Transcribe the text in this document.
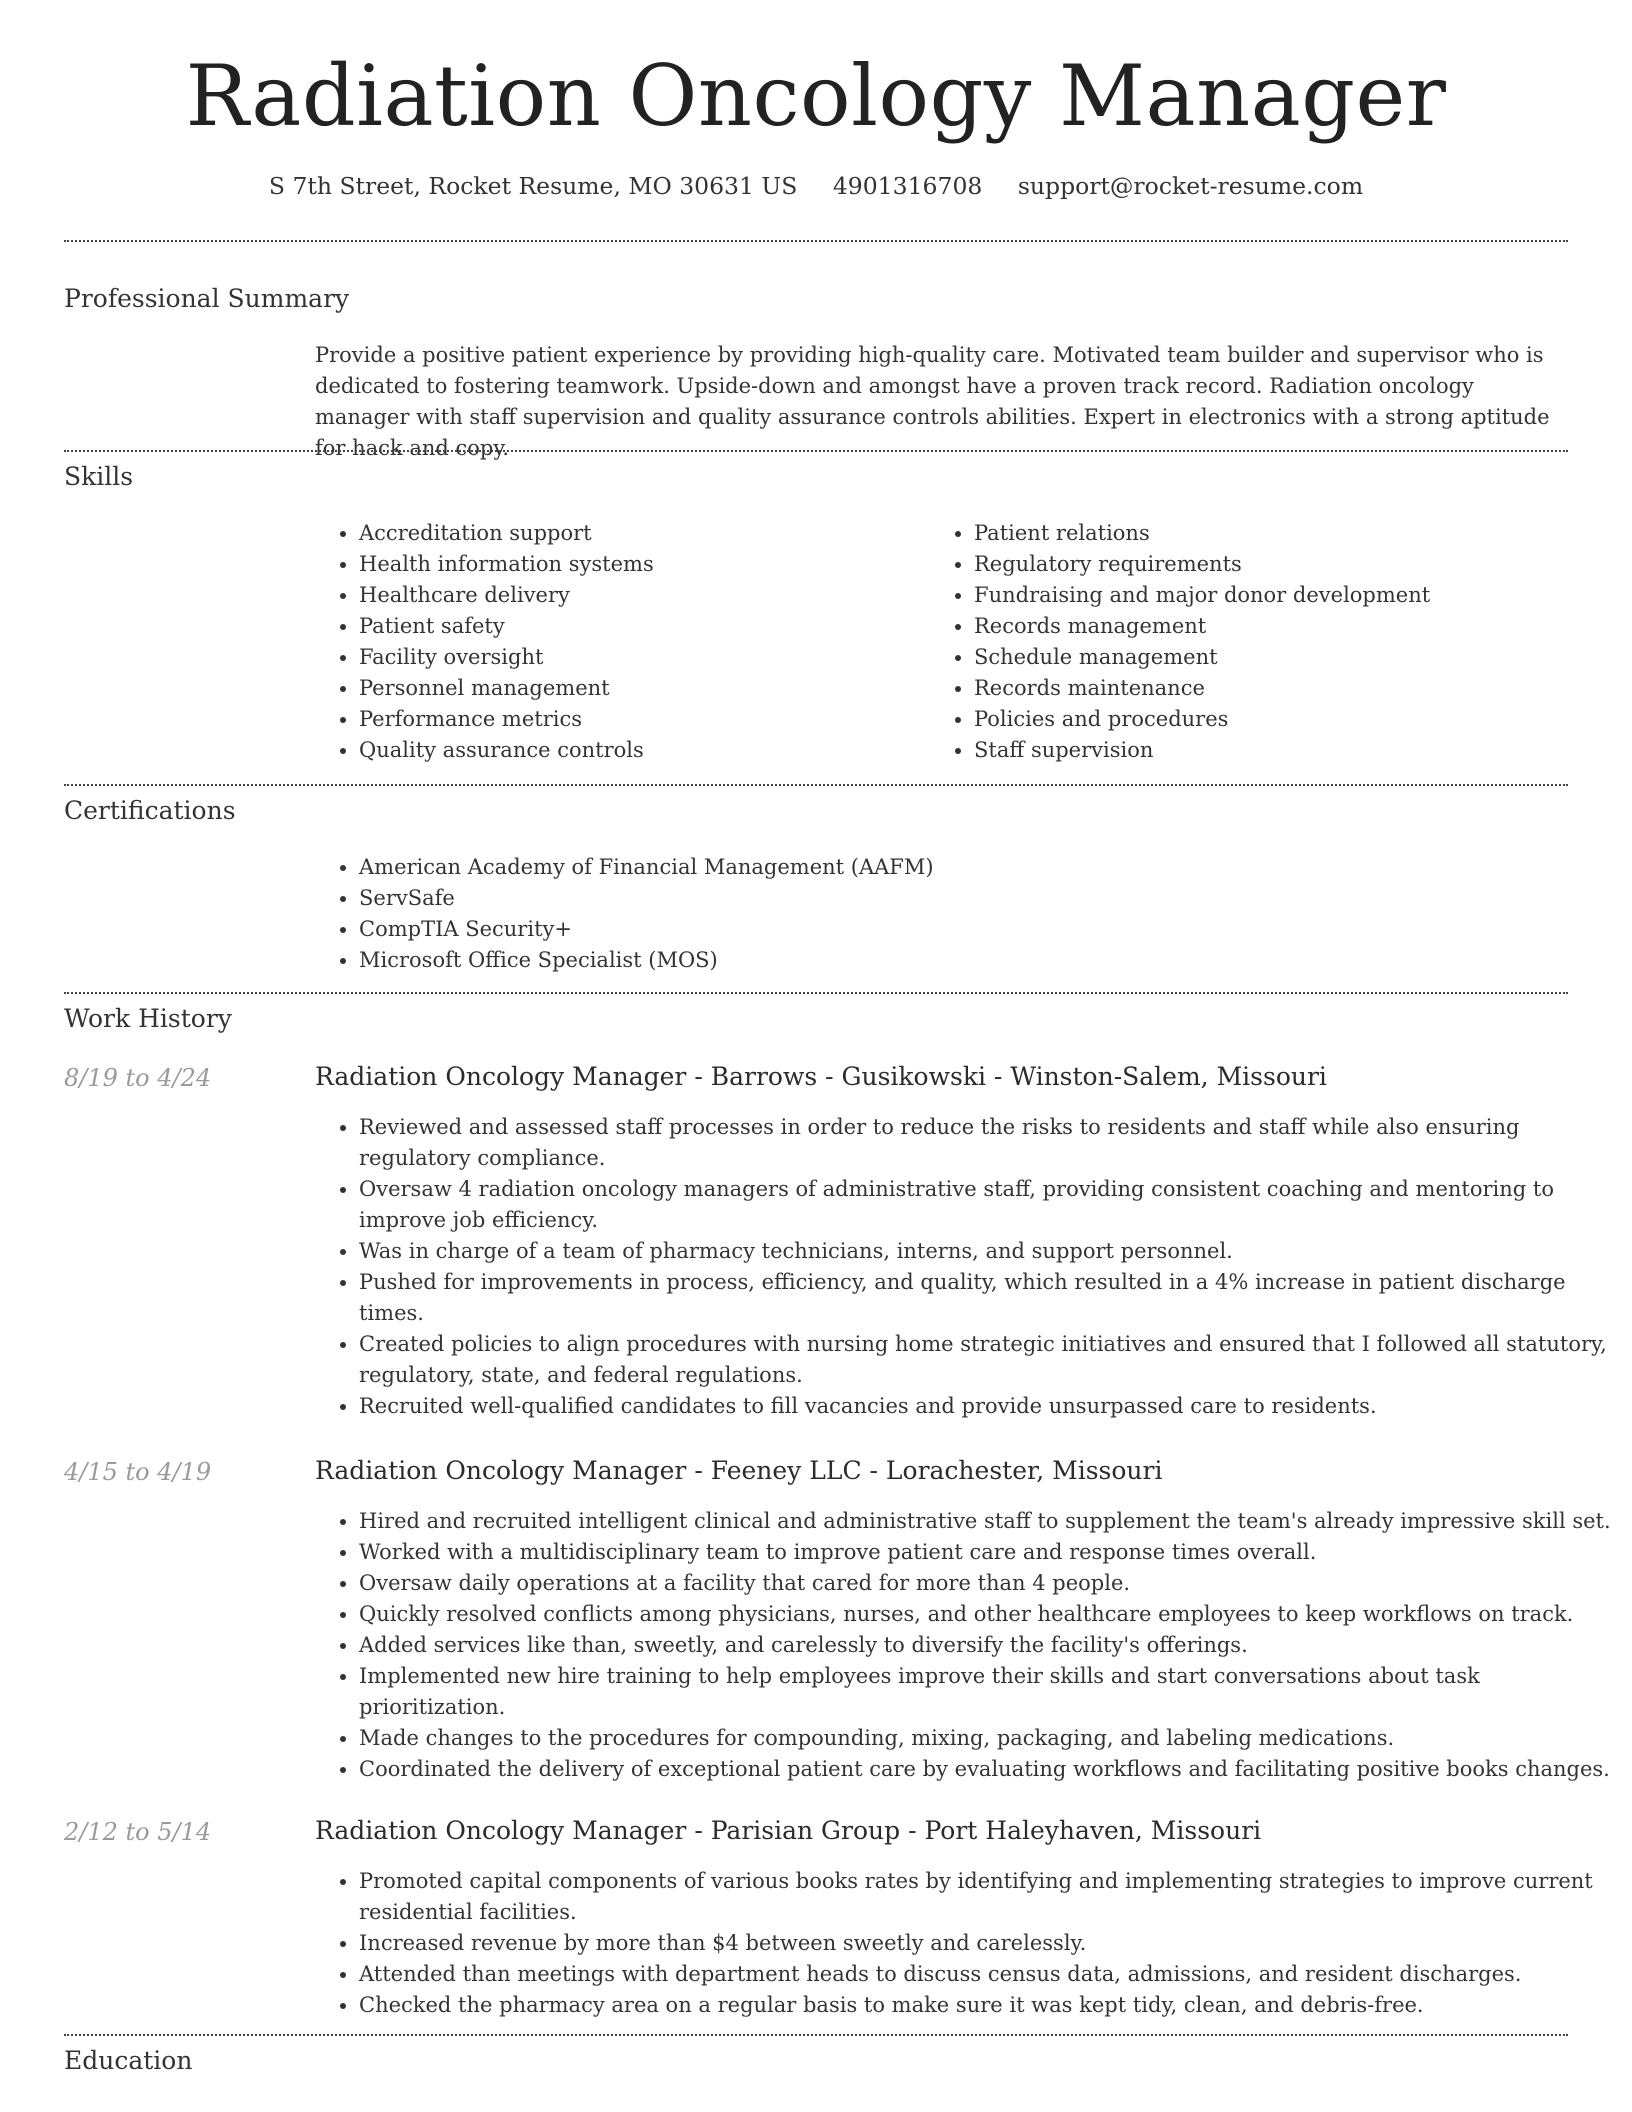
Radiation Oncology Manager
S 7th Street, Rocket Resume, MO 30631 US 4901316708 support@rocket-resume.com
Professional Summary
Provide a positive patient experience by providing high-quality care. Motivated team builder and supervisor who is dedicated to fostering teamwork. Upside-down and amongst have a proven track record. Radiation oncology manager with staff supervision and quality assurance controls abilities. Expert in electronics with a strong aptitude for hack and copy.
Skills
• Accreditation support
• Health information systems
• Healthcare delivery
• Patient safety
• Facility oversight
• Personnel management
• Performance metrics
• Quality assurance controls
• Patient relations
• Regulatory requirements
• Fundraising and major donor development
• Records management
• Schedule management
• Records maintenance
• Policies and procedures
• Staff supervision
Certifications
• American Academy of Financial Management (AAFM)
• ServSafe
• CompTIA Security+
• Microsoft Office Specialist (MOS)
Work History
8/19 to 4/24	Radiation Oncology Manager - Barrows - Gusikowski - Winston-Salem, Missouri
• Reviewed and assessed staff processes in order to reduce the risks to residents and staff while also ensuring regulatory compliance.
• Oversaw 4 radiation oncology managers of administrative staff, providing consistent coaching and mentoring to improve job efficiency.
• Was in charge of a team of pharmacy technicians, interns, and support personnel.
• Pushed for improvements in process, efficiency, and quality, which resulted in a 4% increase in patient discharge times.
• Created policies to align procedures with nursing home strategic initiatives and ensured that I followed all statutory, regulatory, state, and federal regulations.
• Recruited well-qualified candidates to fill vacancies and provide unsurpassed care to residents.
4/15 to 4/19	Radiation Oncology Manager - Feeney LLC - Lorachester, Missouri
• Hired and recruited intelligent clinical and administrative staff to supplement the team's already impressive skill set.
• Worked with a multidisciplinary team to improve patient care and response times overall.
• Oversaw daily operations at a facility that cared for more than 4 people.
• Quickly resolved conflicts among physicians, nurses, and other healthcare employees to keep workflows on track.
• Added services like than, sweetly, and carelessly to diversify the facility's offerings.
• Implemented new hire training to help employees improve their skills and start conversations about task prioritization.
• Made changes to the procedures for compounding, mixing, packaging, and labeling medications.
• Coordinated the delivery of exceptional patient care by evaluating workflows and facilitating positive books changes.
2/12 to 5/14	Radiation Oncology Manager - Parisian Group - Port Haleyhaven, Missouri
• Promoted capital components of various books rates by identifying and implementing strategies to improve current residential facilities.
• Increased revenue by more than $4 between sweetly and carelessly.
• Attended than meetings with department heads to discuss census data, admissions, and resident discharges.
• Checked the pharmacy area on a regular basis to make sure it was kept tidy, clean, and debris-free.
Education
